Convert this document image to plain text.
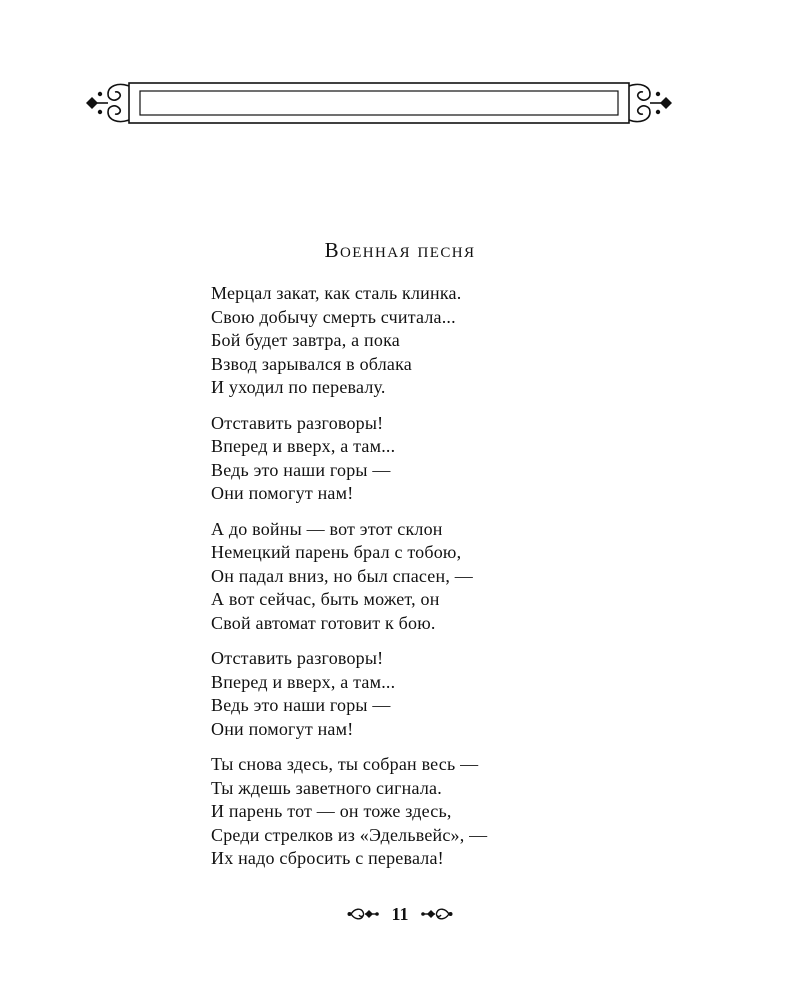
Военная песня
Мерцал закат, как сталь клинка.
Свою добычу смерть считала...
Бой будет завтра, а пока
Взвод зарывался в облака
И уходил по перевалу.
Отставить разговоры!
Вперед и вверх, а там...
Ведь это наши горы —
Они помогут нам!
А до войны — вот этот склон
Немецкий парень брал с тобою,
Он падал вниз, но был спасен, —
А вот сейчас, быть может, он
Свой автомат готовит к бою.
Отставить разговоры!
Вперед и вверх, а там...
Ведь это наши горы —
Они помогут нам!
Ты снова здесь, ты собран весь —
Ты ждешь заветного сигнала.
И парень тот — он тоже здесь,
Среди стрелков из «Эдельвейс», —
Их надо сбросить с перевала!
11
